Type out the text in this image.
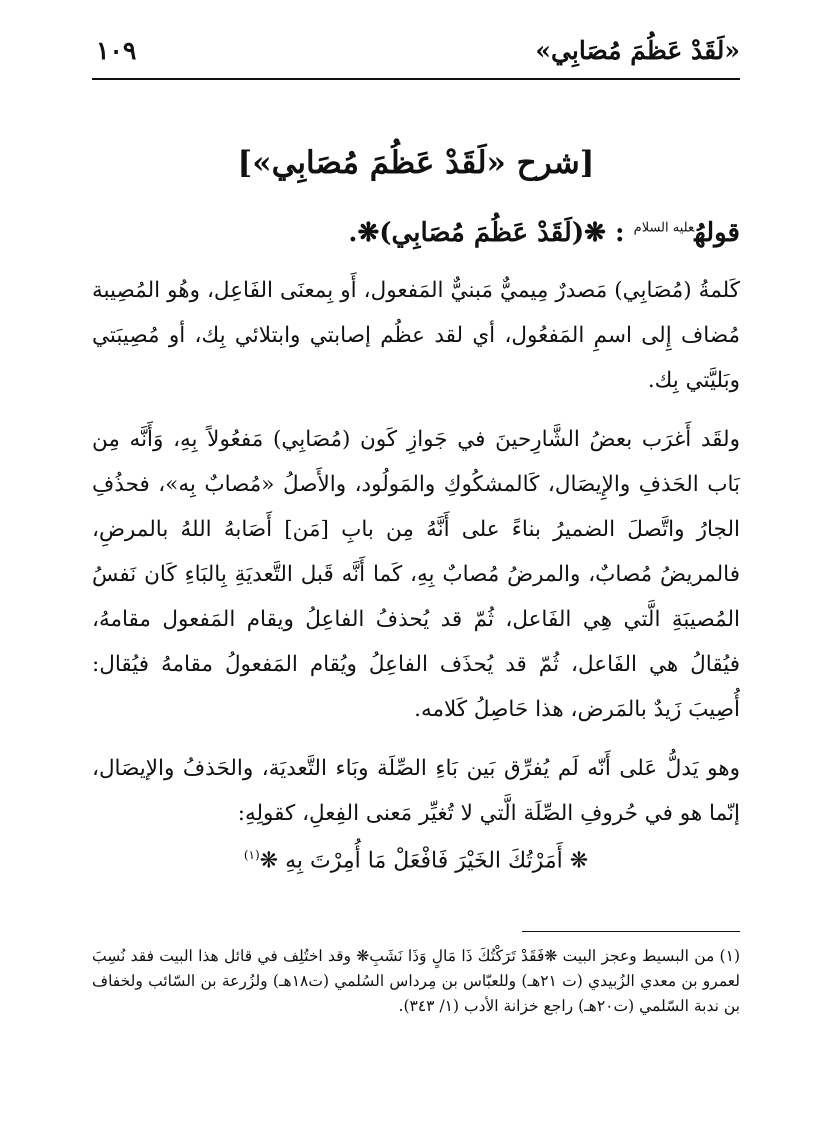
«لَقَدْ عَظُمَ مُصَابِي»
١٠٩
[شرح «لَقَدْ عَظُمَ مُصَابِي»]
قولهُ$^{عليه السلام}$ : ❋(لَقَدْ عَظُمَ مُصَابِي)❋.

كَلمةُ (مُصَابِي) مَصدرٌ مِيميٌّ مَبنيٌّ المَفعول، أَو بِمعنَى الفَاعِل، وهُو المُصِيبة مُضاف إِلى اسمِ المَفعُول، أي لقد عظُم إصابتي وابتلائي بِك، أو مُصِيبَتي وبَليَّتي بِك.

ولقَد أَغرَب بعضُ الشَّارِحينَ في جَوازِ كَون (مُصَابِي) مَفعُولاً بِهِ، وَأَنَّه مِن بَاب الحَذفِ والإِيصَال، كَالمشكُوكِ والمَولُود، والأَصلُ «مُصابٌ بِه»، فحذُفِ الجارُ واتَّصلَ الضميرُ بناءً على أَنَّهُ مِن بابِ [مَن] أَصَابهُ اللهُ بالمرضِ، فالمريضُ مُصابٌ، والمرضُ مُصابٌ بِهِ، كَما أَنَّه قَبل التَّعديَةِ بِالبَاءِ كَان نَفسُ المُصيبَةِ الَّتي هِي الفَاعل، ثُمّ قد يُحذفُ الفاعِلُ ويقام المَفعول مقامهُ، فيُقالُ هي الفَاعل، ثُمّ قد يُحذَف الفاعِلُ ويُقام المَفعولُ مقامهُ فيُقال: أُصِيبَ زَيدٌ بالمَرض، هذا حَاصِلُ كَلامه.

وهو يَدلُّ عَلى أَنّه لَم يُفرِّق بَين بَاءِ الصِّلَة وبَاء التَّعديَة، والحَذفُ والإيصَال، إنّما هو في حُروفِ الصِّلَة الَّتي لا تُغيِّر مَعنى الفِعلِ، كقولِهِ:

❋ أَمَرْتُكَ الخَيْرَ فَافْعَلْ مَا أُمِرْتَ بِهِ ❋$^{(١)}$
(١) من البسيط وعجز البيت ❋فَقَدْ تَرَكْتُكَ ذَا مَالٍ وَذَا نَشَبِ❋ وقد اختُلِف في قائل هذا البيت فقد نُسِبَ لعمرو بن معدي الزُبيدي (ت ٢١هـ) وللعبّاس بن مِرداس السُلمي (ت١٨هـ) ولزُرعة بن السّائب ولخفاف بن ندبة السّلمي (ت٢٠هـ) راجع خزانة الأدب (١/ ٣٤٣).
